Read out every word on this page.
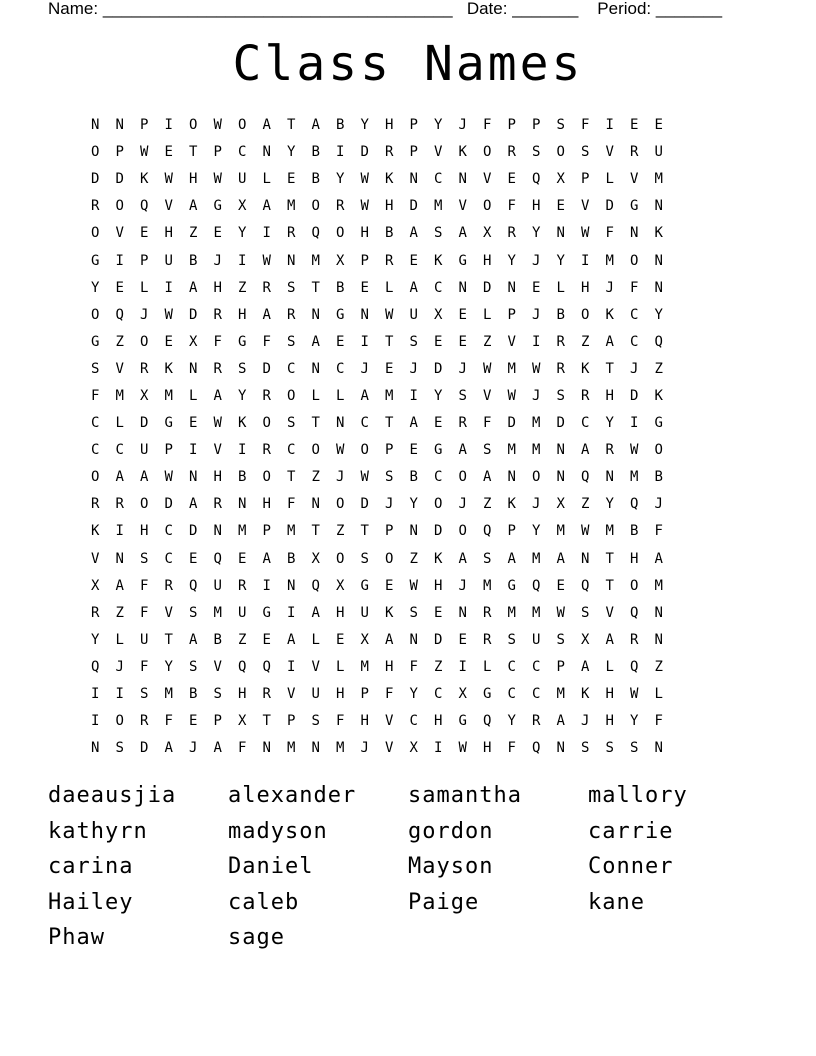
Name: _____________________________________ Date: _______ Period: _______
Class Names
N	N	P	I	O	W	O	A	T	A	B	Y	H	P	Y	J	F	P	P	S	F	I	E	E
O	P	W	E	T	P	C	N	Y	B	I	D	R	P	V	K	O	R	S	O	S	V	R	U
D	D	K	W	H	W	U	L	E	B	Y	W	K	N	C	N	V	E	Q	X	P	L	V	M
R	O	Q	V	A	G	X	A	M	O	R	W	H	D	M	V	O	F	H	E	V	D	G	N
O	V	E	H	Z	E	Y	I	R	Q	O	H	B	A	S	A	X	R	Y	N	W	F	N	K
G	I	P	U	B	J	I	W	N	M	X	P	R	E	K	G	H	Y	J	Y	I	M	O	N
Y	E	L	I	A	H	Z	R	S	T	B	E	L	A	C	N	D	N	E	L	H	J	F	N
O	Q	J	W	D	R	H	A	R	N	G	N	W	U	X	E	L	P	J	B	O	K	C	Y
G	Z	O	E	X	F	G	F	S	A	E	I	T	S	E	E	Z	V	I	R	Z	A	C	Q
S	V	R	K	N	R	S	D	C	N	C	J	E	J	D	J	W	M	W	R	K	T	J	Z
F	M	X	M	L	A	Y	R	O	L	L	A	M	I	Y	S	V	W	J	S	R	H	D	K
C	L	D	G	E	W	K	O	S	T	N	C	T	A	E	R	F	D	M	D	C	Y	I	G
C	C	U	P	I	V	I	R	C	O	W	O	P	E	G	A	S	M	M	N	A	R	W	O
O	A	A	W	N	H	B	O	T	Z	J	W	S	B	C	O	A	N	O	N	Q	N	M	B
R	R	O	D	A	R	N	H	F	N	O	D	J	Y	O	J	Z	K	J	X	Z	Y	Q	J
K	I	H	C	D	N	M	P	M	T	Z	T	P	N	D	O	Q	P	Y	M	W	M	B	F
V	N	S	C	E	Q	E	A	B	X	O	S	O	Z	K	A	S	A	M	A	N	T	H	A
X	A	F	R	Q	U	R	I	N	Q	X	G	E	W	H	J	M	G	Q	E	Q	T	O	M
R	Z	F	V	S	M	U	G	I	A	H	U	K	S	E	N	R	M	M	W	S	V	Q	N
Y	L	U	T	A	B	Z	E	A	L	E	X	A	N	D	E	R	S	U	S	X	A	R	N
Q	J	F	Y	S	V	Q	Q	I	V	L	M	H	F	Z	I	L	C	C	P	A	L	Q	Z
I	I	S	M	B	S	H	R	V	U	H	P	F	Y	C	X	G	C	C	M	K	H	W	L
I	O	R	F	E	P	X	T	P	S	F	H	V	C	H	G	Q	Y	R	A	J	H	Y	F
N	S	D	A	J	A	F	N	M	N	M	J	V	X	I	W	H	F	Q	N	S	S	S	N
daeausjia	alexander	samantha	mallory
kathyrn	madyson	gordon	carrie
carina	Daniel	Mayson	Conner
Hailey	caleb	Paige	kane
Phaw	sage
